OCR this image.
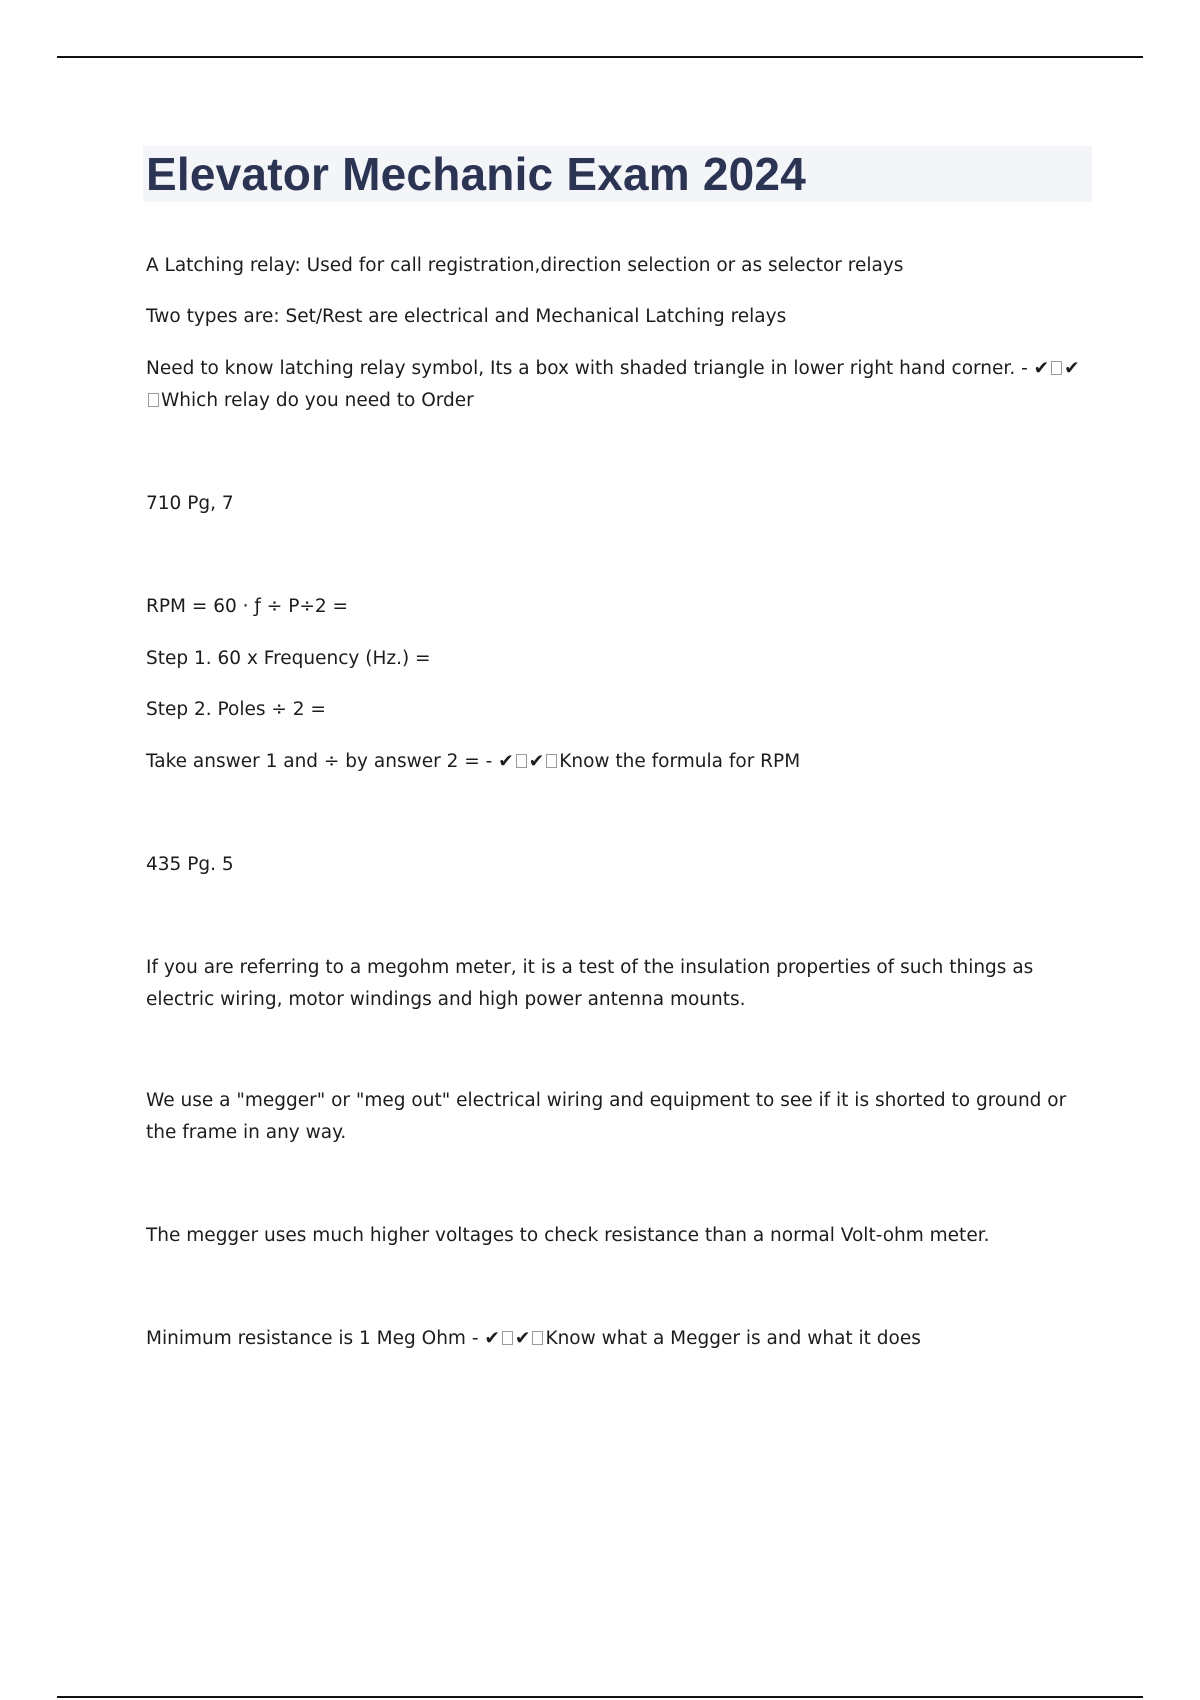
Elevator Mechanic Exam 2024

A Latching relay: Used for call registration,direction selection or as selector relays

Two types are: Set/Rest are electrical and Mechanical Latching relays

Need to know latching relay symbol, Its a box with shaded triangle in lower right hand corner. - ✔ ✔
Which relay do you need to Order

710 Pg, 7

RPM = 60 · ƒ ÷ P÷2 =

Step 1. 60 x Frequency (Hz.) =

Step 2. Poles ÷ 2 =

Take answer 1 and ÷ by answer 2 = - ✔ ✔ Know the formula for RPM

435 Pg. 5

If you are referring to a megohm meter, it is a test of the insulation properties of such things as electric wiring, motor windings and high power antenna mounts.

We use a "megger" or "meg out" electrical wiring and equipment to see if it is shorted to ground or the frame in any way.

The megger uses much higher voltages to check resistance than a normal Volt-ohm meter.

Minimum resistance is 1 Meg Ohm - ✔ ✔ Know what a Megger is and what it does
